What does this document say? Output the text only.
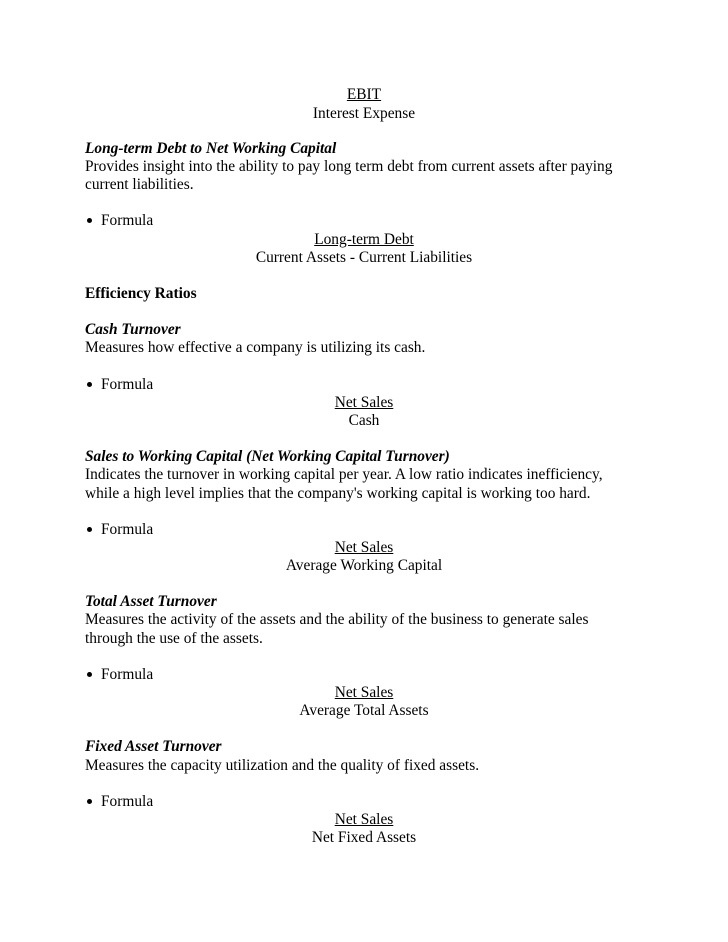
EBIT
Interest Expense
Long-term Debt to Net Working Capital
Provides insight into the ability to pay long term debt from current assets after paying
current liabilities.
Formula
Long-term Debt
Current Assets - Current Liabilities
Efficiency Ratios
Cash Turnover
Measures how effective a company is utilizing its cash.
Formula
Net Sales
Cash
Sales to Working Capital (Net Working Capital Turnover)
Indicates the turnover in working capital per year. A low ratio indicates inefficiency,
while a high level implies that the company's working capital is working too hard.
Formula
Net Sales
Average Working Capital
Total Asset Turnover
Measures the activity of the assets and the ability of the business to generate sales
through the use of the assets.
Formula
Net Sales
Average Total Assets
Fixed Asset Turnover
Measures the capacity utilization and the quality of fixed assets.
Formula
Net Sales
Net Fixed Assets
